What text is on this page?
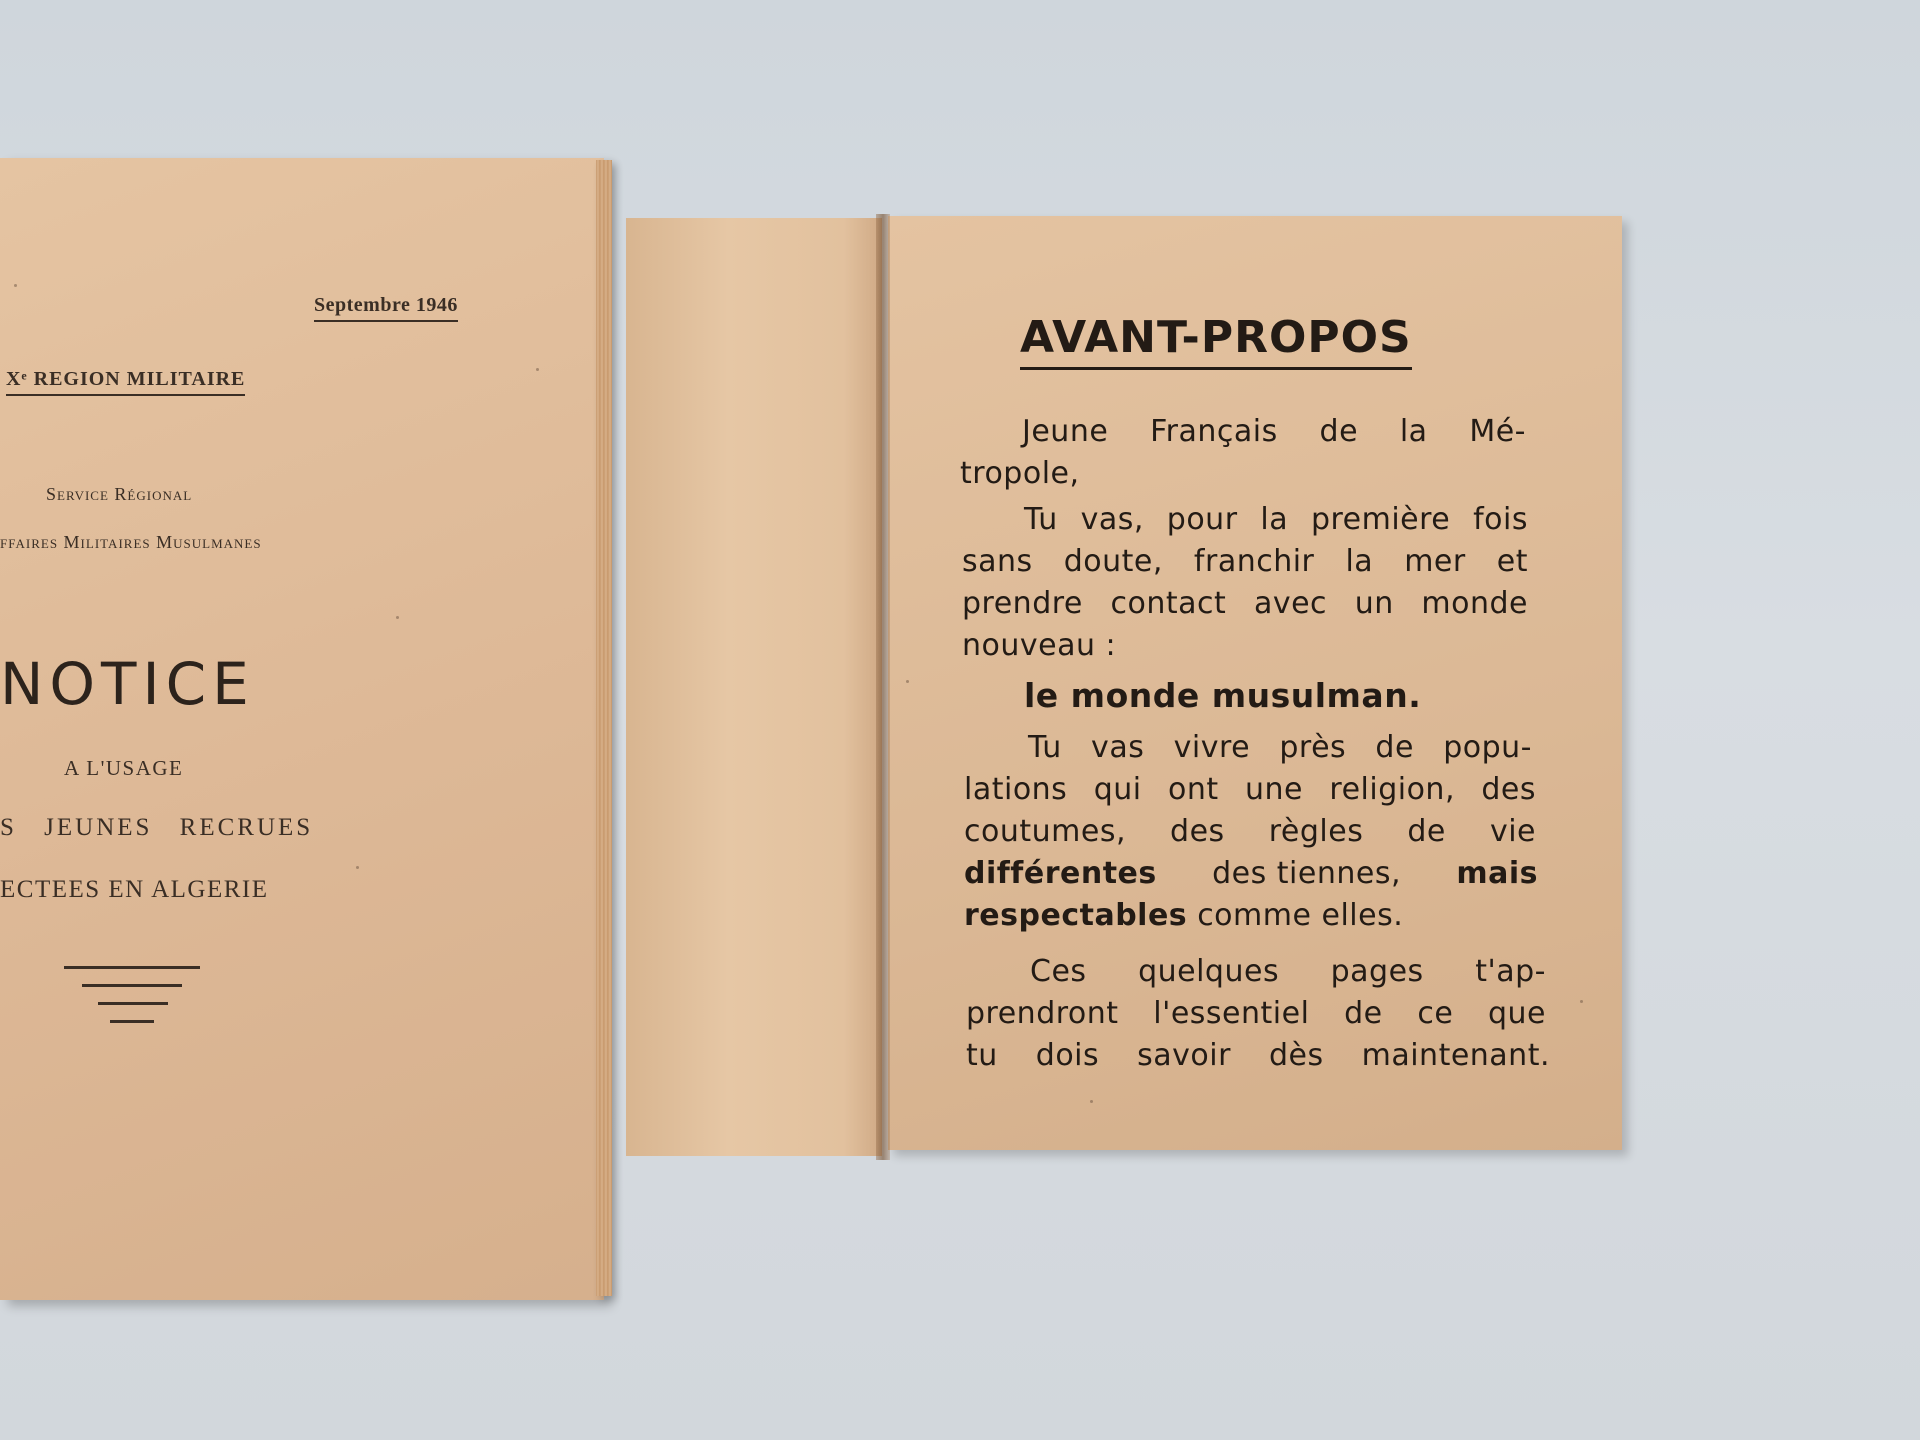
Septembre 1946
Xᵉ REGION MILITAIRE
Service Régional
ffaires Militaires Musulmanes
NOTICE
A L'USAGE
S JEUNES RECRUES
ECTEES EN ALGERIE
AVANT-PROPOS
Jeune Français de la Mé-
tropole,
Tu vas, pour la première fois
sans doute, franchir la mer et
prendre contact avec un monde
nouveau :
le monde musulman.
Tu vas vivre près de popu-
lations qui ont une religion, des
coutumes, des règles de vie
différentes des tiennes, mais
respectables comme elles.
Ces quelques pages t'ap-
prendront l'essentiel de ce que
tu dois savoir dès maintenant.
